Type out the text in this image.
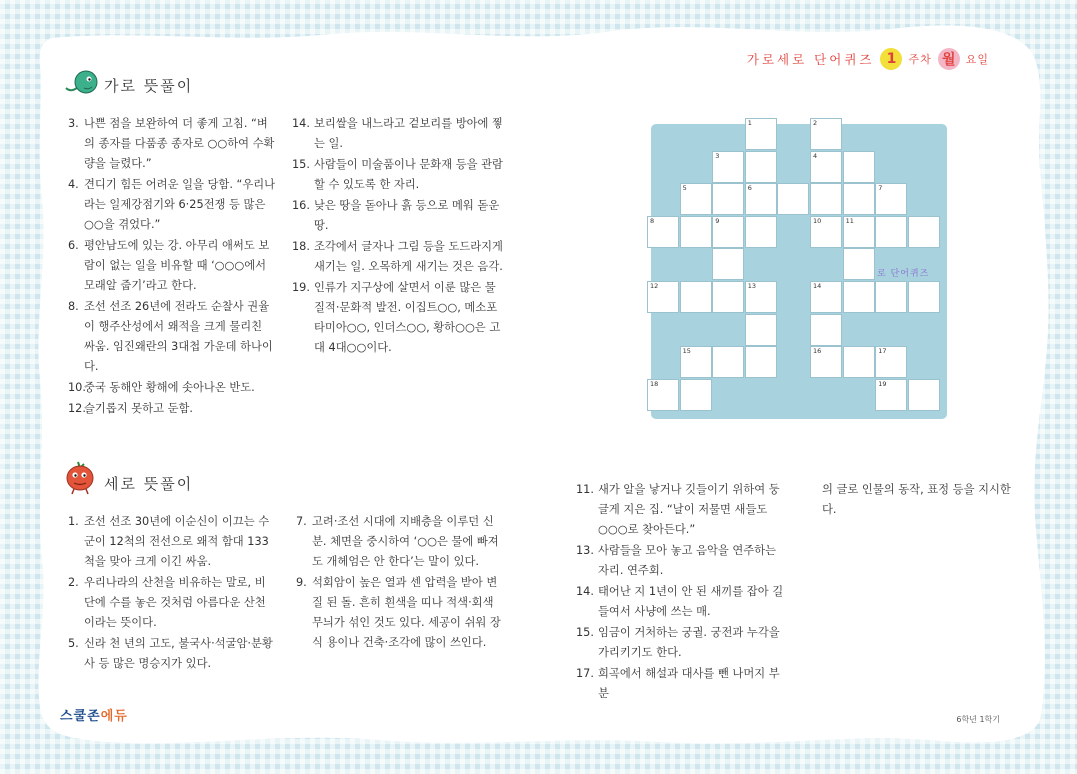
가로세로 단어퀴즈 1	주차 월 요일
가로 뜻풀이
3. 나쁜 점을 보완하여 더 좋게 고침. “벼의 종자를 다품종 종자로 ○○하여 수확량을 늘렸다.”
4. 견디기 힘든 어려운 일을 당함. “우리나라는 일제강점기와 6·25전쟁 등 많은 ○○을 겪었다.”
6. 평안남도에 있는 강. 아무리 애써도 보람이 없는 일을 비유할 때 ‘○○○에서 모래알 줍기’라고 한다.
8. 조선 선조 26년에 전라도 순찰사 권율이 행주산성에서 왜적을 크게 물리친 싸움. 임진왜란의 3대첩 가운데 하나이다.
10.
중국 동해안 황해에 솟아나온 반도.
12.
슬기롭지 못하고 둔함.
14. 보리쌀을 내느라고 겉보리를 방아에 찧는 일.
15. 사람들이 미술품이나 문화재 등을 관람할 수 있도록 한 자리.
16. 낮은 땅을 돋아나 흙 등으로 메워 돋운 땅.
18. 조각에서 글자나 그림 등을 도드라지게 새기는 일. 오목하게 새기는 것은 음각.
19. 인류가 지구상에 살면서 이룬 많은 물질적·문화적 발전. 이집트○○, 메소포타미아○○, 인더스○○, 황하○○은 고대 4대○○이다.
1	2
3	4
5	6	7
8	9	10	11
12	13	14
15	16	17
18	19
로 단어퀴즈
세로 뜻풀이
1. 조선 선조 30년에 이순신이 이끄는 수군이 12척의 전선으로 왜적 함대 133척을 맞아 크게 이긴 싸움.
2. 우리나라의 산천을 비유하는 말로, 비단에 수를 놓은 것처럼 아름다운 산천이라는 뜻이다.
5. 신라 천 년의 고도, 불국사·석굴암·분황사 등 많은 명승지가 있다.
7. 고려·조선 시대에 지배층을 이루던 신분. 체면을 중시하여 ‘○○은 물에 빠져도 개헤엄은 안 한다’는 말이 있다.
9. 석회암이 높은 열과 센 압력을 받아 변질 된 돌. 흔히 흰색을 띠나 적색·회색 무늬가 섞인 것도 있다. 세공이 쉬워 장식 용이나 건축·조각에 많이 쓰인다.
11. 새가 알을 낳거나 깃들이기 위하여 둥글게 지은 집. “날이 저물면 새들도 ○○○로 찾아든다.”
13. 사람들을 모아 놓고 음악을 연주하는 자리. 연주회.
14. 태어난 지 1년이 안 된 새끼를 잡아 길들여서 사냥에 쓰는 매.
15. 임금이 거처하는 궁궐. 궁전과 누각을 가리키기도 한다.
17. 희곡에서 해설과 대사를 뺀 나머지 부분
의 글로 인물의 동작, 표정 등을 지시한다.
스쿨존에듀	6학년 1학기
